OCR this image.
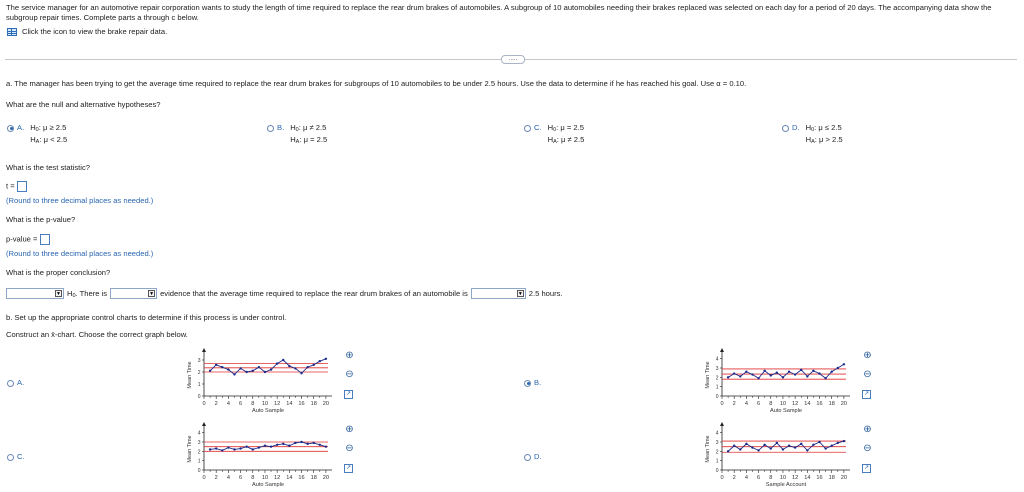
The service manager for an automotive repair corporation wants to study the length of time required to replace the rear drum brakes of automobiles. A subgroup of 10 automobiles needing their brakes replaced was selected on each day for a period of 20 days. The accompanying data show the subgroup repair times. Complete parts a through c below.
Click the icon to view the brake repair data.
.....
a. The manager has been trying to get the average time required to replace the rear drum brakes for subgroups of 10 automobiles to be under 2.5 hours. Use the data to determine if he has reached his goal. Use α = 0.10.
What are the null and alternative hypotheses?
A. $H_0$: μ ≥ 2.5
$H_A$: μ < 2.5
B. $H_0$: μ ≠ 2.5
$H_A$: μ = 2.5
C. $H_0$: μ = 2.5
$H_A$: μ ≠ 2.5
D. $H_0$: μ ≤ 2.5
$H_A$: μ > 2.5
What is the test statistic?
t =
(Round to three decimal places as needed.)
What is the p-value?
p-value =
(Round to three decimal places as needed.)
What is the proper conclusion?
▼ $H_0$. There is	▼ evidence that the average time required to replace the rear drum brakes of an automobile is	▼ 2.5 hours.
b. Set up the appropriate control charts to determine if this process is under control.
Construct an x̄-chart. Choose the correct graph below.
A.
3
2
1
0
0 2 4 6 8 10 12 14 16 18 20
Mean Time
Auto Sample
⊕
⊖
↗
B.
4
3
2
1
0
0 2 4 6 8 10 12 14 16 18 20
Mean Time
Auto Sample
⊕
⊖
↗
C.
4
3
2
1
0
0 2 4 6 8 10 12 14 16 18 20
Mean Time
Auto Sample
⊕
⊖
↗
D.
4
3
2
1
0
0 2 4 6 8 10 12 14 16 18 20
Mean Time
Sample Account
⊕
⊖
↗
